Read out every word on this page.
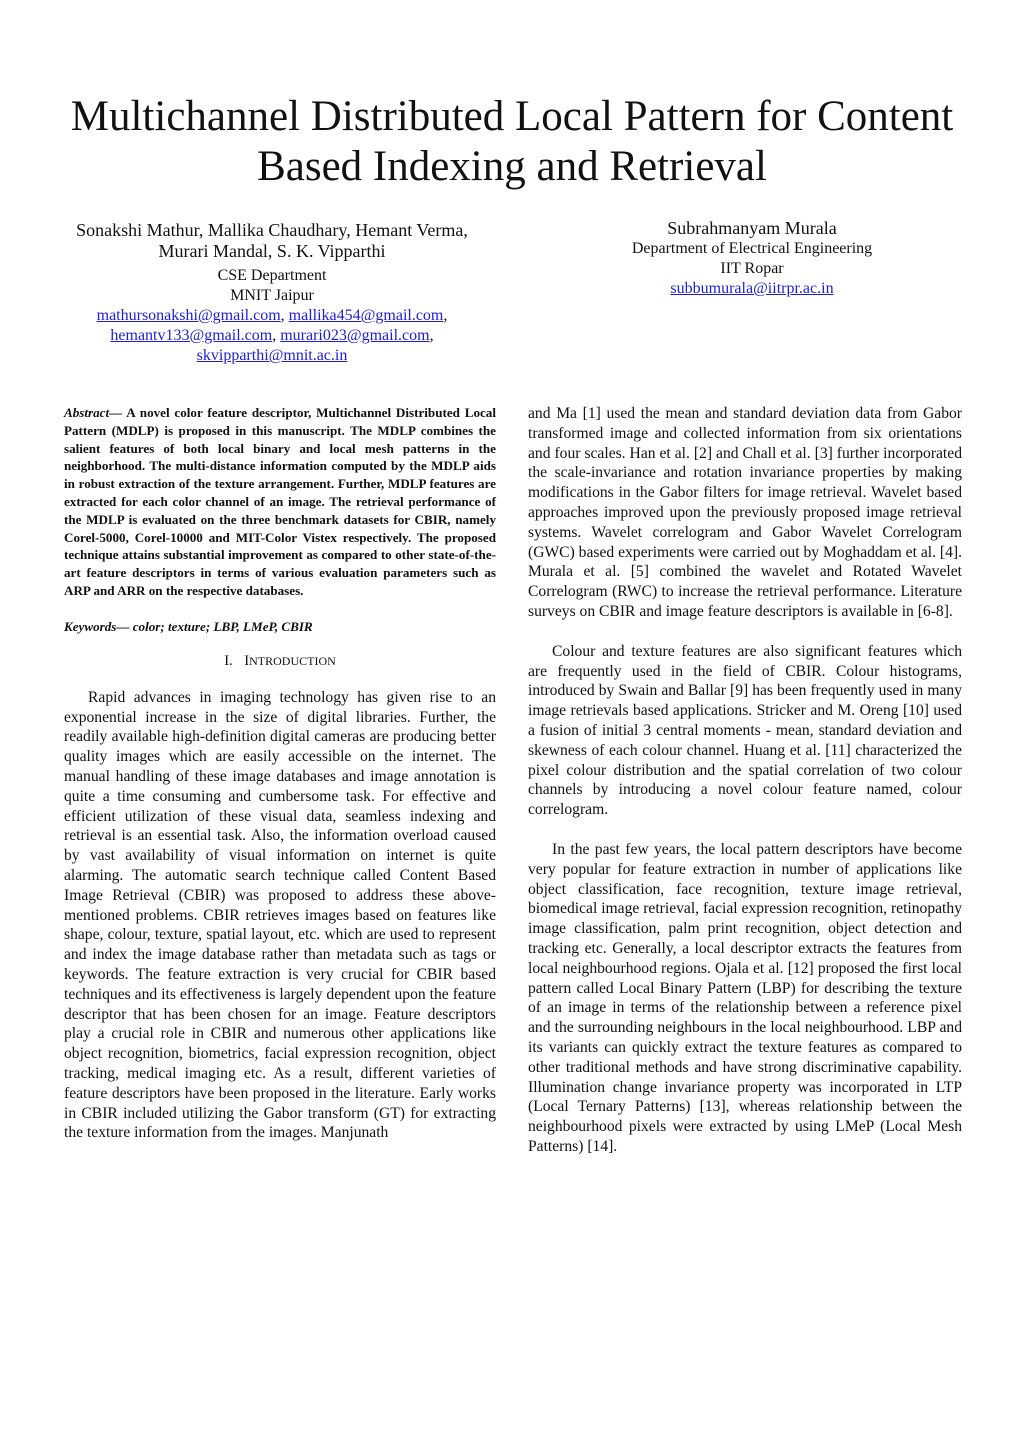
Multichannel Distributed Local Pattern for Content
Based Indexing and Retrieval
Sonakshi Mathur, Mallika Chaudhary, Hemant Verma,
Murari Mandal, S. K. Vipparthi
CSE Department
MNIT Jaipur
mathursonakshi@gmail.com, mallika454@gmail.com,
hemantv133@gmail.com, murari023@gmail.com,
skvipparthi@mnit.ac.in
Subrahmanyam Murala
Department of Electrical Engineering
IIT Ropar
subbumurala@iitrpr.ac.in

Abstract— A novel color feature descriptor, Multichannel Distributed Local Pattern (MDLP) is proposed in this manuscript. The MDLP combines the salient features of both local binary and local mesh patterns in the neighborhood. The multi-distance information computed by the MDLP aids in robust extraction of the texture arrangement. Further, MDLP features are extracted for each color channel of an image. The retrieval performance of the MDLP is evaluated on the three benchmark datasets for CBIR, namely Corel-5000, Corel-10000 and MIT-Color Vistex respectively. The proposed technique attains substantial improvement as compared to other state-of-the-art feature descriptors in terms of various evaluation parameters such as ARP and ARR on the respective databases.

Keywords— color; texture; LBP, LMeP, CBIR

I. INTRODUCTION

Rapid advances in imaging technology has given rise to an exponential increase in the size of digital libraries. Further, the readily available high-definition digital cameras are producing better quality images which are easily accessible on the internet. The manual handling of these image databases and image annotation is quite a time consuming and cumbersome task. For effective and efficient utilization of these visual data, seamless indexing and retrieval is an essential task. Also, the information overload caused by vast availability of visual information on internet is quite alarming. The automatic search technique called Content Based Image Retrieval (CBIR) was proposed to address these above-mentioned problems. CBIR retrieves images based on features like shape, colour, texture, spatial layout, etc. which are used to represent and index the image database rather than metadata such as tags or keywords. The feature extraction is very crucial for CBIR based techniques and its effectiveness is largely dependent upon the feature descriptor that has been chosen for an image. Feature descriptors play a crucial role in CBIR and numerous other applications like object recognition, biometrics, facial expression recognition, object tracking, medical imaging etc. As a result, different varieties of feature descriptors have been proposed in the literature. Early works in CBIR included utilizing the Gabor transform (GT) for extracting the texture information from the images. Manjunath

and Ma [1] used the mean and standard deviation data from Gabor transformed image and collected information from six orientations and four scales. Han et al. [2] and Chall et al. [3] further incorporated the scale-invariance and rotation invariance properties by making modifications in the Gabor filters for image retrieval. Wavelet based approaches improved upon the previously proposed image retrieval systems. Wavelet correlogram and Gabor Wavelet Correlogram (GWC) based experiments were carried out by Moghaddam et al. [4]. Murala et al. [5] combined the wavelet and Rotated Wavelet Correlogram (RWC) to increase the retrieval performance. Literature surveys on CBIR and image feature descriptors is available in [6-8].

Colour and texture features are also significant features which are frequently used in the field of CBIR. Colour histograms, introduced by Swain and Ballar [9] has been frequently used in many image retrievals based applications. Stricker and M. Oreng [10] used a fusion of initial 3 central moments - mean, standard deviation and skewness of each colour channel. Huang et al. [11] characterized the pixel colour distribution and the spatial correlation of two colour channels by introducing a novel colour feature named, colour correlogram.

In the past few years, the local pattern descriptors have become very popular for feature extraction in number of applications like object classification, face recognition, texture image retrieval, biomedical image retrieval, facial expression recognition, retinopathy image classification, palm print recognition, object detection and tracking etc. Generally, a local descriptor extracts the features from local neighbourhood regions. Ojala et al. [12] proposed the first local pattern called Local Binary Pattern (LBP) for describing the texture of an image in terms of the relationship between a reference pixel and the surrounding neighbours in the local neighbourhood. LBP and its variants can quickly extract the texture features as compared to other traditional methods and have strong discriminative capability. Illumination change invariance property was incorporated in LTP (Local Ternary Patterns) [13], whereas relationship between the neighbourhood pixels were extracted by using LMeP (Local Mesh Patterns) [14].
